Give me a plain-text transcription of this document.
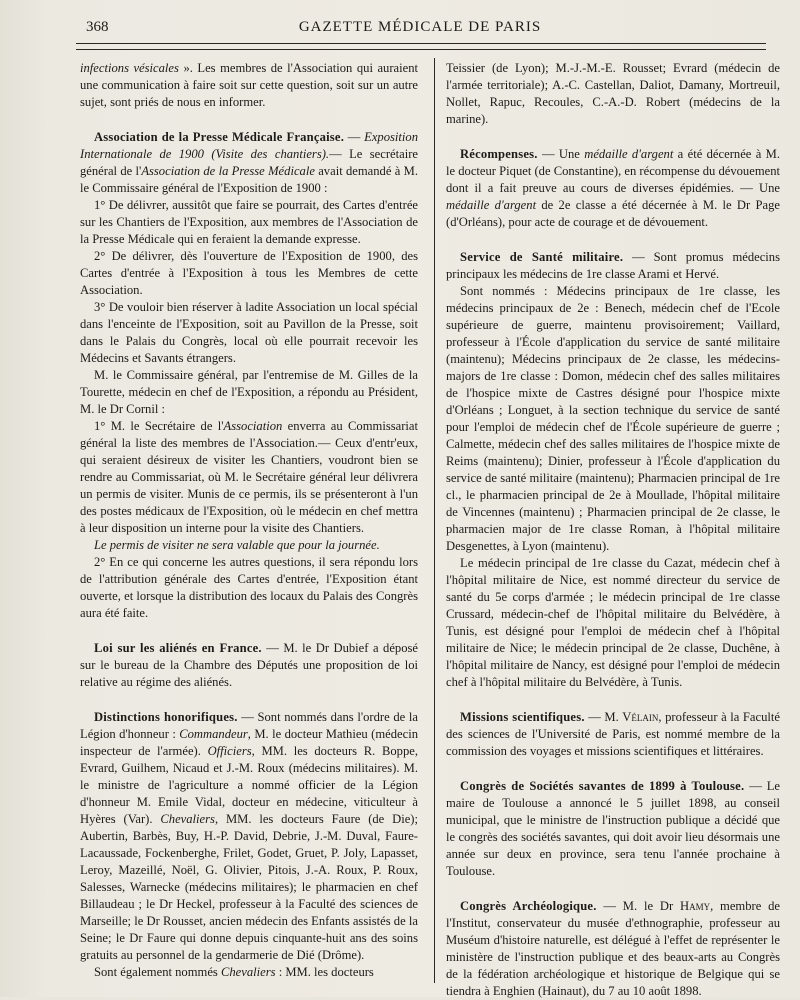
368	GAZETTE MÉDICALE DE PARIS

infections vésicales ». Les membres de l'Association qui auraient une communication à faire soit sur cette question, soit sur un autre sujet, sont priés de nous en informer.

Association de la Presse Médicale Française. — Exposition Internationale de 1900 (Visite des chantiers).— Le secrétaire général de l'Association de la Presse Médicale avait demandé à M. le Commissaire général de l'Exposition de 1900 :

1° De délivrer, aussitôt que faire se pourrait, des Cartes d'entrée sur les Chantiers de l'Exposition, aux membres de l'Association de la Presse Médicale qui en feraient la demande expresse.

2° De délivrer, dès l'ouverture de l'Exposition de 1900, des Cartes d'entrée à l'Exposition à tous les Membres de cette Association.

3° De vouloir bien réserver à ladite Association un local spécial dans l'enceinte de l'Exposition, soit au Pavillon de la Presse, soit dans le Palais du Congrès, local où elle pourrait recevoir les Médecins et Savants étrangers.

M. le Commissaire général, par l'entremise de M. Gilles de la Tourette, médecin en chef de l'Exposition, a répondu au Président, M. le Dr Cornil :

1° M. le Secrétaire de l'Association enverra au Commissariat général la liste des membres de l'Association.— Ceux d'entr'eux, qui seraient désireux de visiter les Chantiers, voudront bien se rendre au Commissariat, où M. le Secrétaire général leur délivrera un permis de visiter. Munis de ce permis, ils se présenteront à l'un des postes médicaux de l'Exposition, où le médecin en chef mettra à leur disposition un interne pour la visite des Chantiers.

Le permis de visiter ne sera valable que pour la journée.

2° En ce qui concerne les autres questions, il sera répondu lors de l'attribution générale des Cartes d'entrée, l'Exposition étant ouverte, et lorsque la distribution des locaux du Palais des Congrès aura été faite.

Loi sur les aliénés en France. — M. le Dr Dubief a déposé sur le bureau de la Chambre des Députés une proposition de loi relative au régime des aliénés.

Distinctions honorifiques. — Sont nommés dans l'ordre de la Légion d'honneur : Commandeur, M. le docteur Mathieu (médecin inspecteur de l'armée). Officiers, MM. les docteurs R. Boppe, Evrard, Guilhem, Nicaud et J.-M. Roux (médecins militaires). M. le ministre de l'agriculture a nommé officier de la Légion d'honneur M. Emile Vidal, docteur en médecine, viticulteur à Hyères (Var). Chevaliers, MM. les docteurs Faure (de Die); Aubertin, Barbès, Buy, H.-P. David, Debrie, J.-M. Duval, Faure-Lacaussade, Fockenberghe, Frilet, Godet, Gruet, P. Joly, Lapasset, Leroy, Mazeillé, Noël, G. Olivier, Pitois, J.-A. Roux, P. Roux, Salesses, Warnecke (médecins militaires); le pharmacien en chef Billaudeau ; le Dr Heckel, professeur à la Faculté des sciences de Marseille; le Dr Rousset, ancien médecin des Enfants assistés de la Seine; le Dr Faure qui donne depuis cinquante-huit ans des soins gratuits au personnel de la gendarmerie de Dié (Drôme).

Sont également nommés Chevaliers : MM. les docteurs

Teissier (de Lyon); M.-J.-M.-E. Rousset; Evrard (médecin de l'armée territoriale); A.-C. Castellan, Daliot, Damany, Mortreuil, Nollet, Rapuc, Recoules, C.-A.-D. Robert (médecins de la marine).

Récompenses. — Une médaille d'argent a été décernée à M. le docteur Piquet (de Constantine), en récompense du dévouement dont il a fait preuve au cours de diverses épidémies. — Une médaille d'argent de 2e classe a été décernée à M. le Dr Page (d'Orléans), pour acte de courage et de dévouement.

Service de Santé militaire. — Sont promus médecins principaux les médecins de 1re classe Arami et Hervé.

Sont nommés : Médecins principaux de 1re classe, les médecins principaux de 2e : Benech, médecin chef de l'Ecole supérieure de guerre, maintenu provisoirement; Vaillard, professeur à l'École d'application du service de santé militaire (maintenu); Médecins principaux de 2e classe, les médecins-majors de 1re classe : Domon, médecin chef des salles militaires de l'hospice mixte de Castres désigné pour l'hospice mixte d'Orléans ; Longuet, à la section technique du service de santé pour l'emploi de médecin chef de l'École supérieure de guerre ; Calmette, médecin chef des salles militaires de l'hospice mixte de Reims (maintenu); Dinier, professeur à l'École d'application du service de santé militaire (maintenu); Pharmacien principal de 1re cl., le pharmacien principal de 2e à Moullade, l'hôpital militaire de Vincennes (maintenu) ; Pharmacien principal de 2e classe, le pharmacien major de 1re classe Roman, à l'hôpital militaire Desgenettes, à Lyon (maintenu).

Le médecin principal de 1re classe du Cazat, médecin chef à l'hôpital militaire de Nice, est nommé directeur du service de santé du 5e corps d'armée ; le médecin principal de 1re classe Crussard, médecin-chef de l'hôpital militaire du Belvédère, à Tunis, est désigné pour l'emploi de médecin chef à l'hôpital militaire de Nice; le médecin principal de 2e classe, Duchêne, à l'hôpital militaire de Nancy, est désigné pour l'emploi de médecin chef à l'hôpital militaire du Belvédère, à Tunis.

Missions scientifiques. — M. Vélain, professeur à la Faculté des sciences de l'Université de Paris, est nommé membre de la commission des voyages et missions scientifiques et littéraires.

Congrès de Sociétés savantes de 1899 à Toulouse. — Le maire de Toulouse a annoncé le 5 juillet 1898, au conseil municipal, que le ministre de l'instruction publique a décidé que le congrès des sociétés savantes, qui doit avoir lieu désormais une année sur deux en province, sera tenu l'année prochaine à Toulouse.

Congrès Archéologique. — M. le Dr Hamy, membre de l'Institut, conservateur du musée d'ethnographie, professeur au Muséum d'histoire naturelle, est délégué à l'effet de représenter le ministère de l'instruction publique et des beaux-arts au Congrès de la fédération archéologique et historique de Belgique qui se tiendra à Enghien (Hainaut), du 7 au 10 août 1898.
